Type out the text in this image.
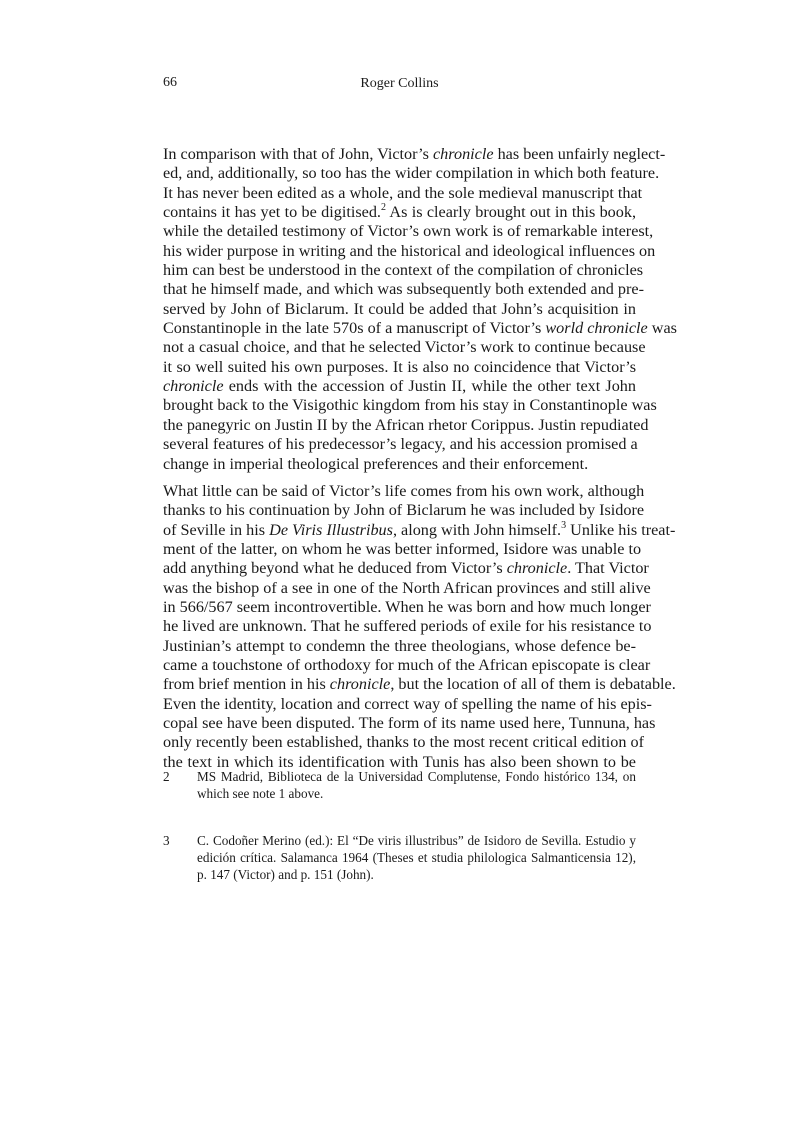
66	Roger Collins
In comparison with that of John, Victor’s chronicle has been unfairly neglect-
ed, and, additionally, so too has the wider compilation in which both feature.
It has never been edited as a whole, and the sole medieval manuscript that
contains it has yet to be digitised.$^2$ As is clearly brought out in this book,
while the detailed testimony of Victor’s own work is of remarkable interest,
his wider purpose in writing and the historical and ideological influences on
him can best be understood in the context of the compilation of chronicles
that he himself made, and which was subsequently both extended and pre-
served by John of Biclarum. It could be added that John’s acquisition in
Constantinople in the late 570s of a manuscript of Victor’s world chronicle was
not a casual choice, and that he selected Victor’s work to continue because
it so well suited his own purposes. It is also no coincidence that Victor’s
chronicle ends with the accession of Justin II, while the other text John
brought back to the Visigothic kingdom from his stay in Constantinople was
the panegyric on Justin II by the African rhetor Corippus. Justin repudiated
several features of his predecessor’s legacy, and his accession promised a
change in imperial theological preferences and their enforcement.
What little can be said of Victor’s life comes from his own work, although
thanks to his continuation by John of Biclarum he was included by Isidore
of Seville in his De Viris Illustribus, along with John himself.$^3$ Unlike his treat-
ment of the latter, on whom he was better informed, Isidore was unable to
add anything beyond what he deduced from Victor’s chronicle. That Victor
was the bishop of a see in one of the North African provinces and still alive
in 566/567 seem incontrovertible. When he was born and how much longer
he lived are unknown. That he suffered periods of exile for his resistance to
Justinian’s attempt to condemn the three theologians, whose defence be-
came a touchstone of orthodoxy for much of the African episcopate is clear
from brief mention in his chronicle, but the location of all of them is debatable.
Even the identity, location and correct way of spelling the name of his epis-
copal see have been disputed. The form of its name used here, Tunnuna, has
only recently been established, thanks to the most recent critical edition of
the text in which its identification with Tunis has also been shown to be
2 MS Madrid, Biblioteca de la Universidad Complutense, Fondo histórico 134, on
which see note 1 above.
3 C. Codoñer Merino (ed.): El “De viris illustribus” de Isidoro de Sevilla. Estudio y
edición crítica. Salamanca 1964 (Theses et studia philologica Salmanticensia 12),
p. 147 (Victor) and p. 151 (John).
